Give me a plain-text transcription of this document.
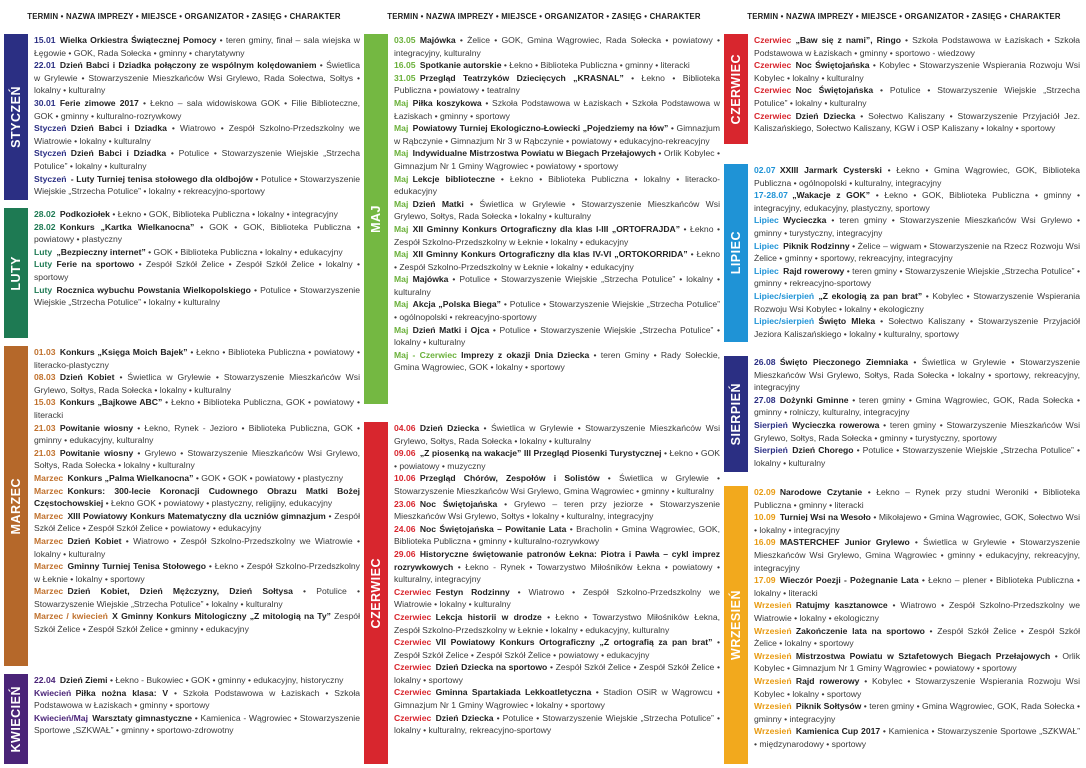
TERMIN • NAZWA IMPREZY • MIEJSCE • ORGANIZATOR • ZASIĘG • CHARAKTER
STYCZEŃ
15.01  Wielka Orkiestra Świątecznej Pomocy • teren gminy, finał – sala wiejska w Łęgowie • GOK, Rada Sołecka • gminny • charytatywny
22.01  Dzień Babci i Dziadka połączony ze wspólnym kolędowaniem • Świetlica w Grylewie • Stowarzyszenie Mieszkańców Wsi Grylewo, Rada Sołectwa, Sołtys • lokalny • kulturalny
30.01  Ferie zimowe 2017 • Łekno – sala widowiskowa GOK • Filie Biblioteczne, GOK • gminny • kulturalno-rozrywkowy
Styczeń  Dzień Babci i Dziadka • Wiatrowo • Zespół Szkolno-Przedszkolny we Wiatrowie • lokalny • kulturalny
Styczeń  Dzień Babci i Dziadka • Potulice • Stowarzyszenie Wiejskie „Strzecha Potulice” • lokalny • kulturalny
Styczeń  - Luty Turniej tenisa stołowego dla oldbojów • Potulice • Stowarzyszenie Wiejskie „Strzecha Potulice” • lokalny • rekreacyjno-sportowy
LUTY
28.02  Podkoziołek • Łekno • GOK, Biblioteka Publiczna • lokalny • integracyjny
28.02  Konkurs „Kartka Wielkanocna” • GOK • GOK, Biblioteka Publiczna • powiatowy • plastyczny
Luty  „Bezpieczny internet” • GOK • Biblioteka Publiczna • lokalny • edukacyjny
Luty  Ferie na sportowo • Zespół Szkół Żelice • Zespół Szkół Żelice • lokalny • sportowy
Luty  Rocznica wybuchu Powstania Wielkopolskiego • Potulice • Stowarzyszenie Wiejskie „Strzecha Potulice” • lokalny • kulturalny
MARZEC
01.03  Konkurs „Księga Moich Bajek” • Łekno • Biblioteka Publiczna • powiatowy • literacko-plastyczny
08.03  Dzień Kobiet • Świetlica w Grylewie • Stowarzyszenie Mieszkańców Wsi Grylewo, Sołtys, Rada Sołecka • lokalny • kulturalny
15.03  Konkurs „Bajkowe ABC” • Łekno • Biblioteka Publiczna, GOK • powiatowy • literacki
21.03  Powitanie wiosny • Łekno, Rynek - Jezioro • Biblioteka Publiczna, GOK • gminny • edukacyjny, kulturalny
21.03  Powitanie wiosny • Grylewo • Stowarzyszenie Mieszkańców Wsi Grylewo, Sołtys, Rada Sołecka • lokalny • kulturalny
Marzec  Konkurs „Palma Wielkanocna” • GOK • GOK • powiatowy • plastyczny
Marzec  Konkurs: 300-lecie Koronacji Cudownego Obrazu Matki Bożej Częstochowskiej • Łekno GOK • powiatowy • plastyczny, religijny, edukacyjny
Marzec  XIII Powiatowy Konkurs Matematyczny dla uczniów gimnazjum • Zespół Szkół Żelice • Zespół Szkół Żelice • powiatowy • edukacyjny
Marzec  Dzień Kobiet • Wiatrowo • Zespół Szkolno-Przedszkolny we Wiatrowie • lokalny • kulturalny
Marzec  Gminny Turniej Tenisa Stołowego • Łekno • Zespół Szkolno-Przedszkolny w Łeknie • lokalny • sportowy
Marzec  Dzień Kobiet, Dzień Mężczyzny, Dzień Sołtysa • Potulice • Stowarzyszenie Wiejskie „Strzecha Potulice” • lokalny • kulturalny
Marzec / kwiecień  X Gminny Konkurs Mitologiczny „Z mitologią na Ty” Zespół Szkół Żelice • Zespół Szkół Żelice • gminny • edukacyjny
KWIECIEŃ
22.04  Dzień Ziemi • Łekno - Bukowiec • GOK • gminny • edukacyjny, historyczny
Kwiecień  Piłka nożna klasa: V • Szkoła Podstawowa w Łaziskach • Szkoła Podstawowa w Łaziskach • gminny • sportowy
Kwiecień/Maj  Warsztaty gimnastyczne • Kamienica - Wągrowiec • Stowarzyszenie Sportowe „SZKWAŁ” • gminny • sportowo-zdrowotny
TERMIN • NAZWA IMPREZY • MIEJSCE • ORGANIZATOR • ZASIĘG • CHARAKTER
MAJ
03.05  Majówka • Żelice • GOK, Gmina Wągrowiec, Rada Sołecka • powiatowy • integracyjny, kulturalny
16.05  Spotkanie autorskie • Łekno • Biblioteka Publiczna • gminny • literacki
31.05  Przegląd Teatrzyków Dziecięcych „KRASNAL” • Łekno • Biblioteka Publiczna • powiatowy • teatralny
Maj  Piłka koszykowa • Szkoła Podstawowa w Łaziskach • Szkoła Podstawowa w Łaziskach • gminny • sportowy
Maj  Powiatowy Turniej Ekologiczno-Łowiecki „Pojedziemy na łów” • Gimnazjum w Rąbczynie • Gimnazjum Nr 3 w Rąbczynie • powiatowy • edukacyjno-rekreacyjny
Maj  Indywidualne Mistrzostwa Powiatu w Biegach Przełajowych • Orlik Kobylec • Gimnazjum Nr 1 Gminy Wągrowiec • powiatowy • sportowy
Maj  Lekcje biblioteczne • Łekno • Biblioteka Publiczna • lokalny • literacko-edukacyjny
Maj  Dzień Matki • Świetlica w Grylewie • Stowarzyszenie Mieszkańców Wsi Grylewo, Sołtys, Rada Sołecka • lokalny • kulturalny
Maj  XII Gminny Konkurs Ortograficzny dla klas I-III „ORTOFRAJDA” • Łekno • Zespół Szkolno-Przedszkolny w Łeknie • lokalny • edukacyjny
Maj  XII Gminny Konkurs Ortograficzny dla klas IV-VI „ORTOKORRIDA” • Łekno • Zespół Szkolno-Przedszkolny w Łeknie • lokalny • edukacyjny
Maj  Majówka • Potulice • Stowarzyszenie Wiejskie „Strzecha Potulice” • lokalny • kulturalny
Maj  Akcja „Polska Biega” • Potulice • Stowarzyszenie Wiejskie „Strzecha Potulice” • ogólnopolski • rekreacyjno-sportowy
Maj  Dzień Matki i Ojca • Potulice • Stowarzyszenie Wiejskie „Strzecha Potulice” • lokalny • kulturalny
Maj - Czerwiec  Imprezy z okazji Dnia Dziecka • teren Gminy • Rady Sołeckie, Gmina Wągrowiec, GOK • lokalny • sportowy
CZERWIEC
04.06  Dzień Dziecka • Świetlica w Grylewie • Stowarzyszenie Mieszkańców Wsi Grylewo, Sołtys, Rada Sołecka • lokalny • kulturalny
09.06  „Z piosenką na wakacje” III Przegląd Piosenki Turystycznej • Łekno • GOK • powiatowy • muzyczny
10.06  Przegląd Chórów, Zespołów i Solistów • Świetlica w Grylewie • Stowarzyszenie Mieszkańców Wsi Grylewo, Gmina Wągrowiec • gminny • kulturalny
23.06  Noc Świętojańska • Grylewo – teren przy jeziorze • Stowarzyszenie Mieszkańców Wsi Grylewo, Sołtys • lokalny • kulturalny, integracyjny
24.06  Noc Świętojańska – Powitanie Lata • Bracholin • Gmina Wągrowiec, GOK, Biblioteka Publiczna • gminny • kulturalno-rozrywkowy
29.06  Historyczne świętowanie patronów Łekna: Piotra i Pawła – cykl imprez rozrywkowych • Łekno - Rynek • Towarzystwo Miłośników Łekna • powiatowy • kulturalny, integracyjny
Czerwiec  Festyn Rodzinny • Wiatrowo • Zespół Szkolno-Przedszkolny we Wiatrowie • lokalny • kulturalny
Czerwiec  Lekcja historii w drodze • Łekno • Towarzystwo Miłośników Łekna, Zespół Szkolno-Przedszkolny w Łeknie • lokalny • edukacyjny, kulturalny
Czerwiec  VII Powiatowy Konkurs Ortograficzny „Z ortografią za pan brat” • Zespół Szkół Żelice • Zespół Szkół Żelice • powiatowy • edukacyjny
Czerwiec  Dzień Dziecka na sportowo • Zespół Szkół Żelice • Zespół Szkół Żelice • lokalny • sportowy
Czerwiec  Gminna Spartakiada Lekkoatletyczna • Stadion OSiR w Wągrowcu • Gimnazjum Nr 1 Gminy Wągrowiec • lokalny • sportowy
Czerwiec  Dzień Dziecka • Potulice • Stowarzyszenie Wiejskie „Strzecha Potulice” • lokalny • kulturalny, rekreacyjno-sportowy
TERMIN • NAZWA IMPREZY • MIEJSCE • ORGANIZATOR • ZASIĘG • CHARAKTER
CZERWIEC
Czerwiec  „Baw się z nami”, Ringo • Szkoła Podstawowa w Łaziskach • Szkoła Podstawowa w Łaziskach • gminny • sportowo - wiedzowy
Czerwiec  Noc Świętojańska • Kobylec • Stowarzyszenie Wspierania Rozwoju Wsi Kobylec • lokalny • kulturalny
Czerwiec  Noc Świętojańska • Potulice • Stowarzyszenie Wiejskie „Strzecha Potulice” • lokalny • kulturalny
Czerwiec  Dzień Dziecka • Sołectwo Kaliszany • Stowarzyszenie Przyjaciół Jez. Kaliszańskiego, Sołectwo Kaliszany, KGW i OSP Kaliszany • lokalny • sportowy
LIPIEC
02.07  XXIII Jarmark Cysterski • Łekno • Gmina Wągrowiec, GOK, Biblioteka Publiczna • ogólnopolski • kulturalny, integracyjny
17-28.07  „Wakacje z GOK” • Łekno • GOK, Biblioteka Publiczna • gminny • integracyjny, edukacyjny, plastyczny, sportowy
Lipiec  Wycieczka • teren gminy • Stowarzyszenie Mieszkańców Wsi Grylewo • gminny • turystyczny, integracyjny
Lipiec  Piknik Rodzinny • Żelice – wigwam • Stowarzyszenie na Rzecz Rozwoju Wsi Żelice • gminny • sportowy, rekreacyjny, integracyjny
Lipiec  Rajd rowerowy • teren gminy • Stowarzyszenie Wiejskie „Strzecha Potulice” • gminny • rekreacyjno-sportowy
Lipiec/sierpień  „Z ekologią za pan brat” • Kobylec • Stowarzyszenie Wspierania Rozwoju Wsi Kobylec • lokalny • ekologiczny
Lipiec/sierpień  Święto Mleka • Sołectwo Kaliszany • Stowarzyszenie Przyjaciół Jeziora Kaliszańskiego • lokalny • kulturalny, sportowy
SIERPIEŃ
26.08  Święto Pieczonego Ziemniaka • Świetlica w Grylewie • Stowarzyszenie Mieszkańców Wsi Grylewo, Sołtys, Rada Sołecka • lokalny • sportowy, rekreacyjny, integracyjny
27.08  Dożynki Gminne • teren gminy • Gmina Wągrowiec, GOK, Rada Sołecka • gminny • rolniczy, kulturalny, integracyjny
Sierpień  Wycieczka rowerowa • teren gminy • Stowarzyszenie Mieszkańców Wsi Grylewo, Sołtys, Rada Sołecka • gminny • turystyczny, sportowy
Sierpień  Dzień Chorego • Potulice • Stowarzyszenie Wiejskie „Strzecha Potulice” • lokalny • kulturalny
WRZESIEŃ
02.09  Narodowe Czytanie • Łekno – Rynek przy studni Weroniki • Biblioteka Publiczna • gminny • literacki
10.09  Turniej Wsi na Wesoło • Mikołajewo • Gmina Wągrowiec, GOK, Sołectwo Wsi • lokalny • integracyjny
16.09  MASTERCHEF Junior Grylewo • Świetlica w Grylewie • Stowarzyszenie Mieszkańców Wsi Grylewo, Gmina Wągrowiec • gminny • edukacyjny, rekreacyjny, integracyjny
17.09  Wieczór Poezji - Pożegnanie Lata • Łekno – plener • Biblioteka Publiczna • lokalny • literacki
Wrzesień  Ratujmy kasztanowce • Wiatrowo • Zespół Szkolno-Przedszkolny we Wiatrowie • lokalny • ekologiczny
Wrzesień  Zakończenie lata na sportowo • Zespół Szkół Żelice • Zespół Szkół Żelice • lokalny • sportowy
Wrzesień  Mistrzostwa Powiatu w Sztafetowych Biegach Przełajowych • Orlik Kobylec • Gimnazjum Nr 1 Gminy Wągrowiec • powiatowy • sportowy
Wrzesień  Rajd rowerowy • Kobylec • Stowarzyszenie Wspierania Rozwoju Wsi Kobylec • lokalny • sportowy
Wrzesień  Piknik Sołtysów • teren gminy • Gmina Wągrowiec, GOK, Rada Sołecka • gminny • integracyjny
Wrzesień  Kamienica Cup 2017 • Kamienica • Stowarzyszenie Sportowe „SZKWAŁ” • międzynarodowy • sportowy
